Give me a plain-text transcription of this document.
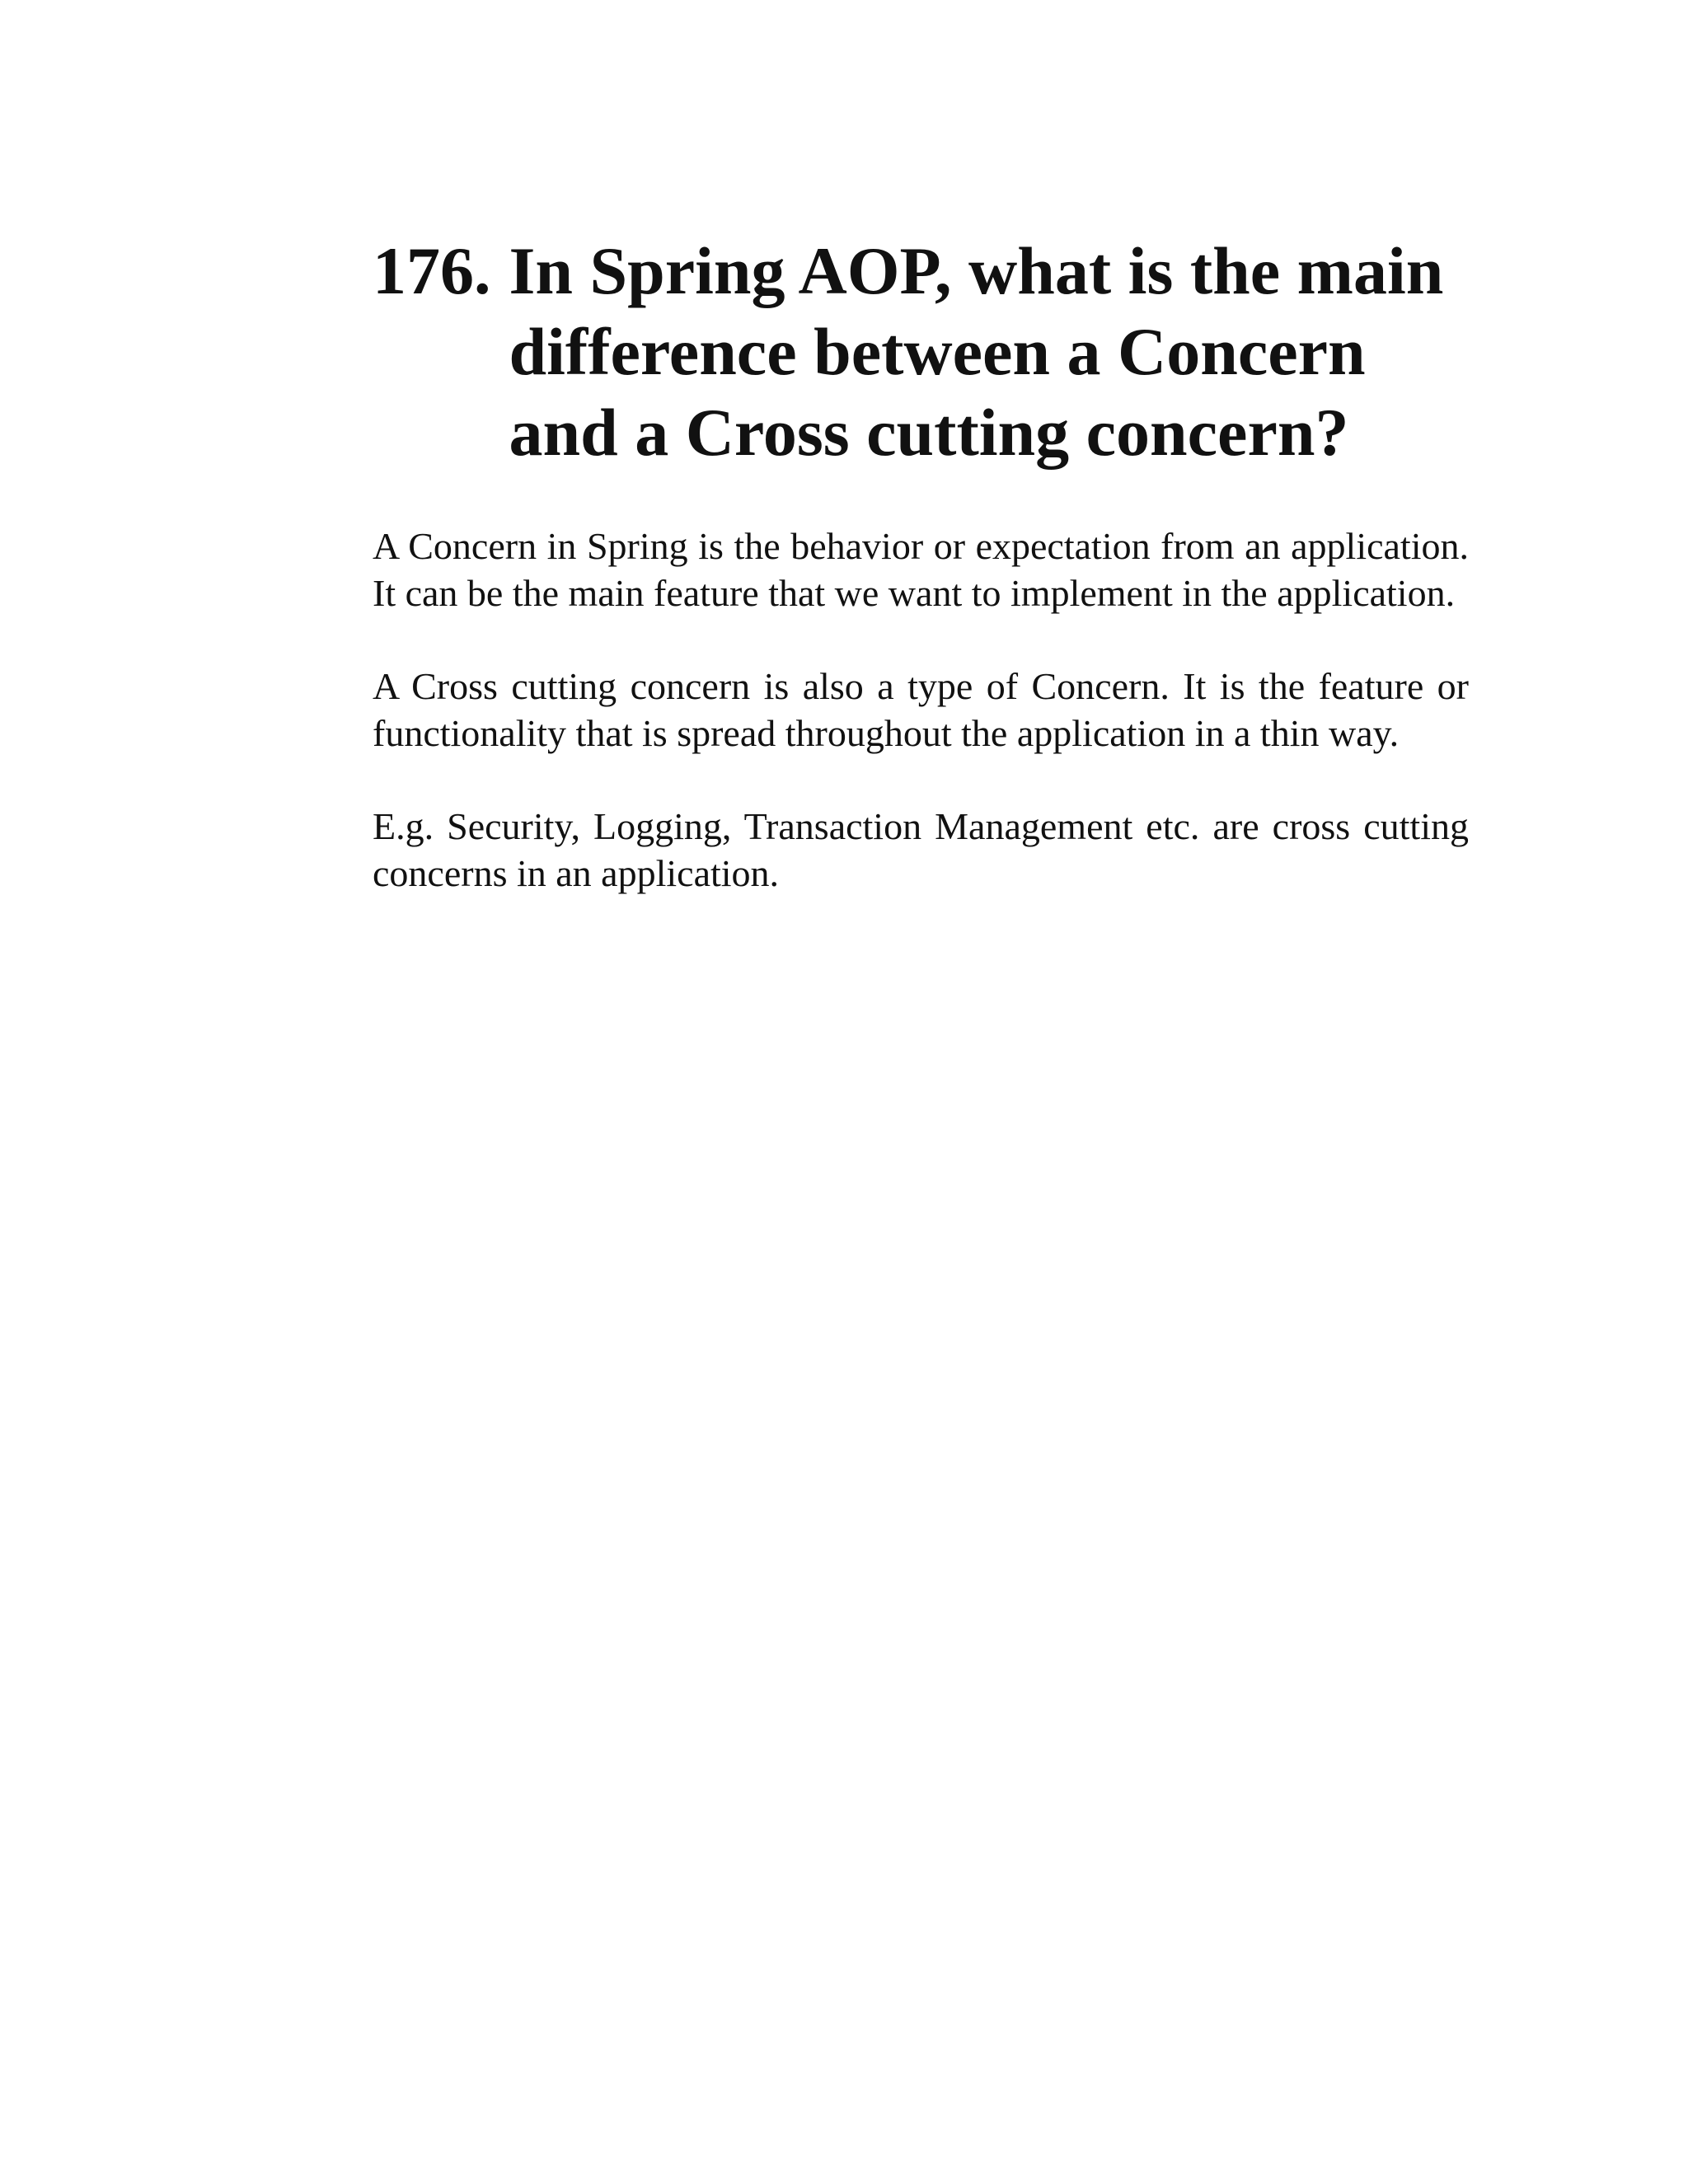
176. In Spring AOP, what is the main difference between a Concern and a Cross cutting concern?

A Concern in Spring is the behavior or expectation from an application. It can be the main feature that we want to implement in the application.

A Cross cutting concern is also a type of Concern. It is the feature or functionality that is spread throughout the application in a thin way.

E.g. Security, Logging, Transaction Management etc. are cross cutting concerns in an application.
